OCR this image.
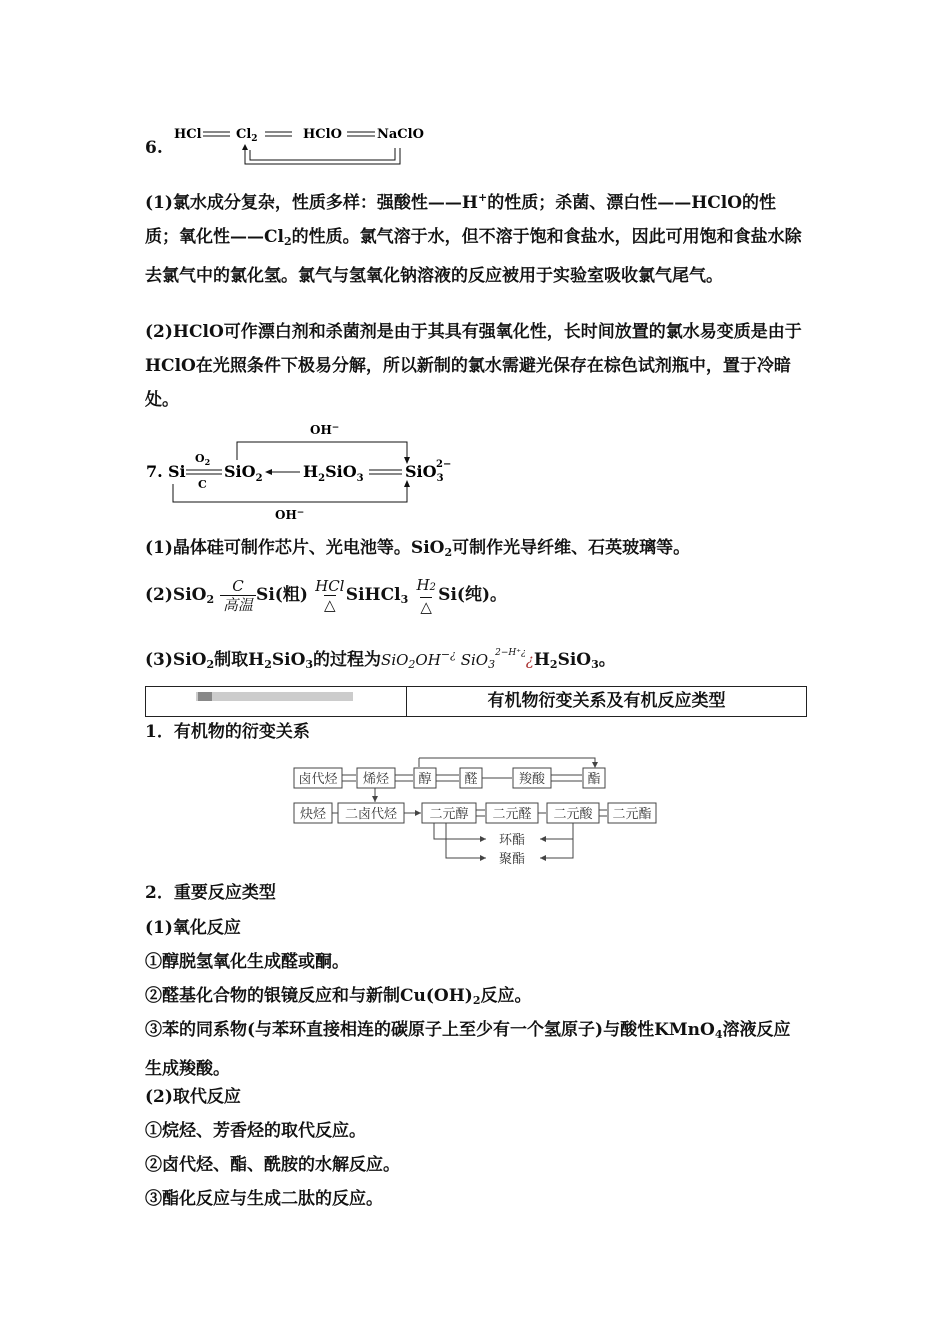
6.
HCl	$Cl_2$	HClO	NaClO
(1)氯水成分复杂，性质多样：强酸性——H+的性质；杀菌、漂白性——HClO的性质；氧化性$——Cl_2$的性质。氯气溶于水，但不溶于饱和食盐水，因此可用饱和食盐水除去氯气中的氯化氢。氯气与氢氧化钠溶液的反应被用于实验室吸收氯气尾气。
(2)HClO可作漂白剂和杀菌剂是由于其具有强氧化性，长时间放置的氯水易变质是由于HClO在光照条件下极易分解，所以新制的氯水需避光保存在棕色试剂瓶中，置于冷暗处。
OH−
7. Si
$O_2$
C
SiO$_2$	$H_2SiO_3$	SiO$_3$
2−
OH−
(1)晶体硅可制作芯片、光电池等。SiO$_2$可制作光导纤维、石英玻璃等。
(2)SiO$_2$
C
高温 Si(粗) HCl
△ SiHCl$_3$
H2
△
Si(纯)。
(3)SiO$_2$制取$H_2SiO_3$的过程为SiO$_2$OH−¿ $SiO_3^{2-H^+¿}¿H_2SiO_3$。
有机物衍变关系及有机反应类型
1．有机物的衍变关系
卤代烃 烯烃 醇	醛	羧酸	酯
炔烃 二卤代烃 二元醇 二元醛 二元酸 二元酯
环酯
聚酯
2．重要反应类型
(1)氧化反应
①醇脱氢氧化生成醛或酮。
②醛基化合物的银镜反应和与新制$Cu(OH)_2$反应。
③苯的同系物(与苯环直接相连的碳原子上至少有一个氢原子)与酸性KMnO$_4$溶液反应生成羧酸。
(2)取代反应
①烷烃、芳香烃的取代反应。
②卤代烃、酯、酰胺的水解反应。
③酯化反应与生成二肽的反应。
